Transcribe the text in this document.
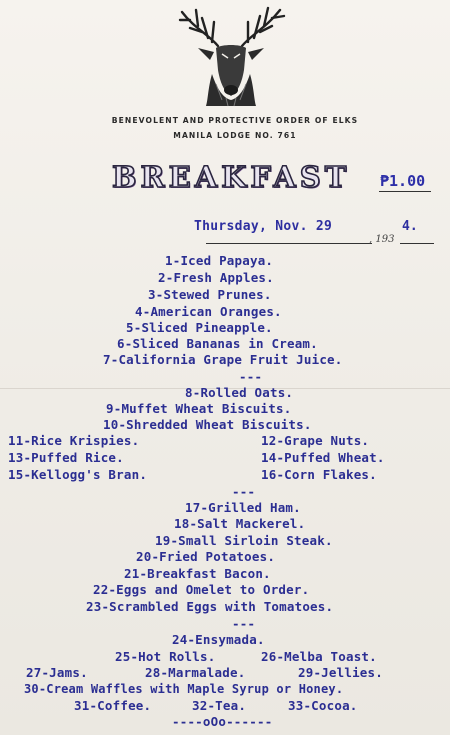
BENEVOLENT AND PROTECTIVE ORDER OF ELKS
MANILA LODGE NO. 761
BREAKFAST ₱1.00
Thursday, Nov. 29	4.
, 193
1-Iced Papaya.
2-Fresh Apples.
3-Stewed Prunes.
4-American Oranges.
5-Sliced Pineapple.
6-Sliced Bananas in Cream.
7-California Grape Fruit Juice.
---
8-Rolled Oats.
9-Muffet Wheat Biscuits.
10-Shredded Wheat Biscuits.
11-Rice Krispies.	12-Grape Nuts.
13-Puffed Rice.	14-Puffed Wheat.
15-Kellogg's Bran.	16-Corn Flakes.
---
17-Grilled Ham.
18-Salt Mackerel.
19-Small Sirloin Steak.
20-Fried Potatoes.
21-Breakfast Bacon.
22-Eggs and Omelet to Order.
23-Scrambled Eggs with Tomatoes.
---
24-Ensymada.
25-Hot Rolls.	26-Melba Toast.
27-Jams.	28-Marmalade.	29-Jellies.
30-Cream Waffles with Maple Syrup or Honey.
31-Coffee.	32-Tea.	33-Cocoa.
----oOo------
